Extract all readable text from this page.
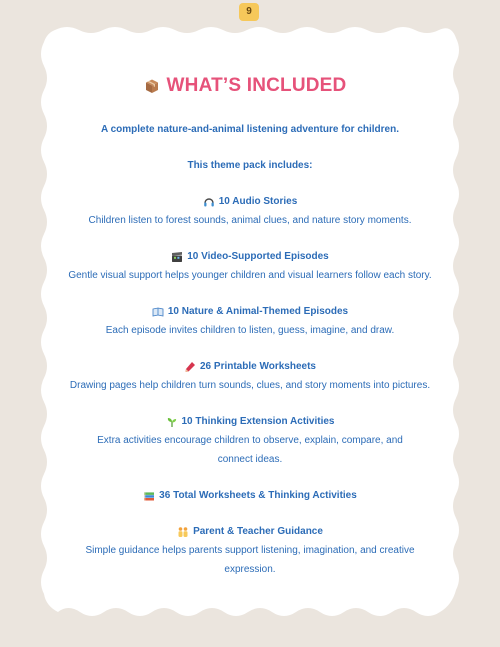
9
WHAT’S INCLUDED
A complete nature-and-animal listening adventure for children.
This theme pack includes:
10 Audio Stories
Children listen to forest sounds, animal clues, and nature story moments.
10 Video-Supported Episodes
Gentle visual support helps younger children and visual learners follow each story.
10 Nature & Animal-Themed Episodes
Each episode invites children to listen, guess, imagine, and draw.
26 Printable Worksheets
Drawing pages help children turn sounds, clues, and story moments into pictures.
10 Thinking Extension Activities
Extra activities encourage children to observe, explain, compare, and connect ideas.
36 Total Worksheets & Thinking Activities
Parent & Teacher Guidance
Simple guidance helps parents support listening, imagination, and creative expression.
